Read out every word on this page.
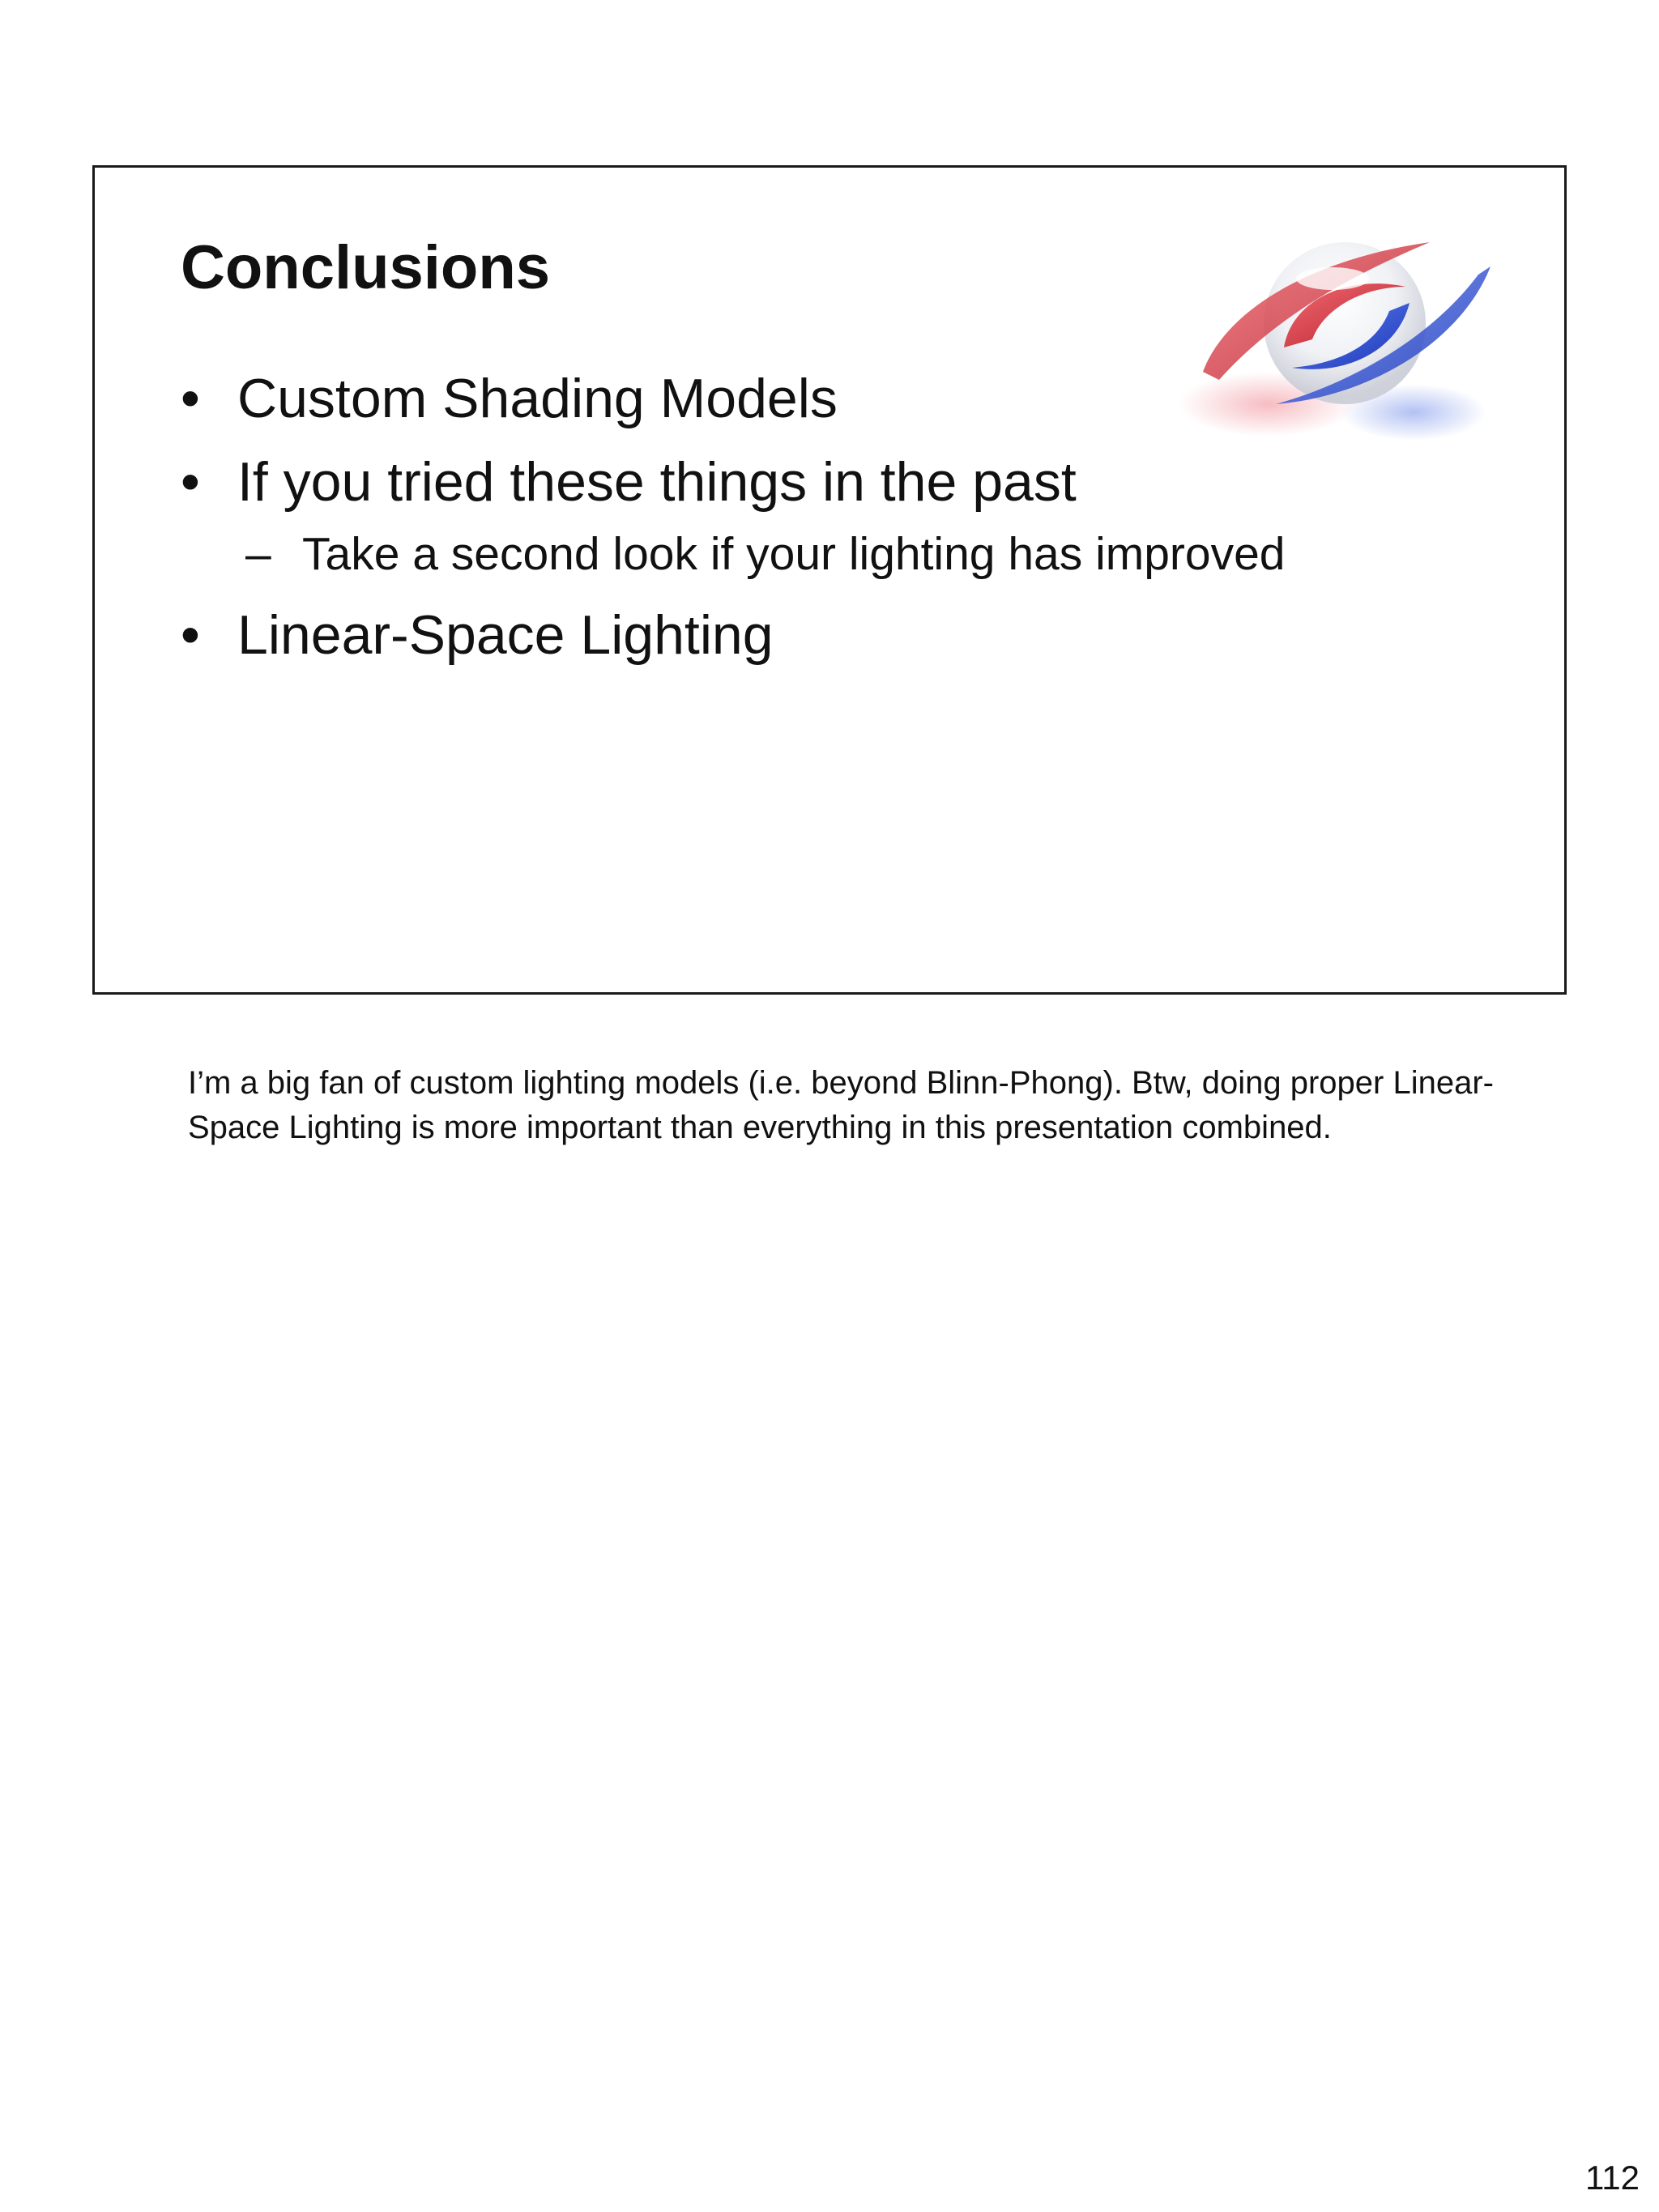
Conclusions
• Custom Shading Models
• If you tried these things in the past
– Take a second look if your lighting has improved
• Linear-Space Lighting

I’m a big fan of custom lighting models (i.e. beyond Blinn-Phong). Btw, doing proper Linear-Space Lighting is more important than everything in this presentation combined.

112
